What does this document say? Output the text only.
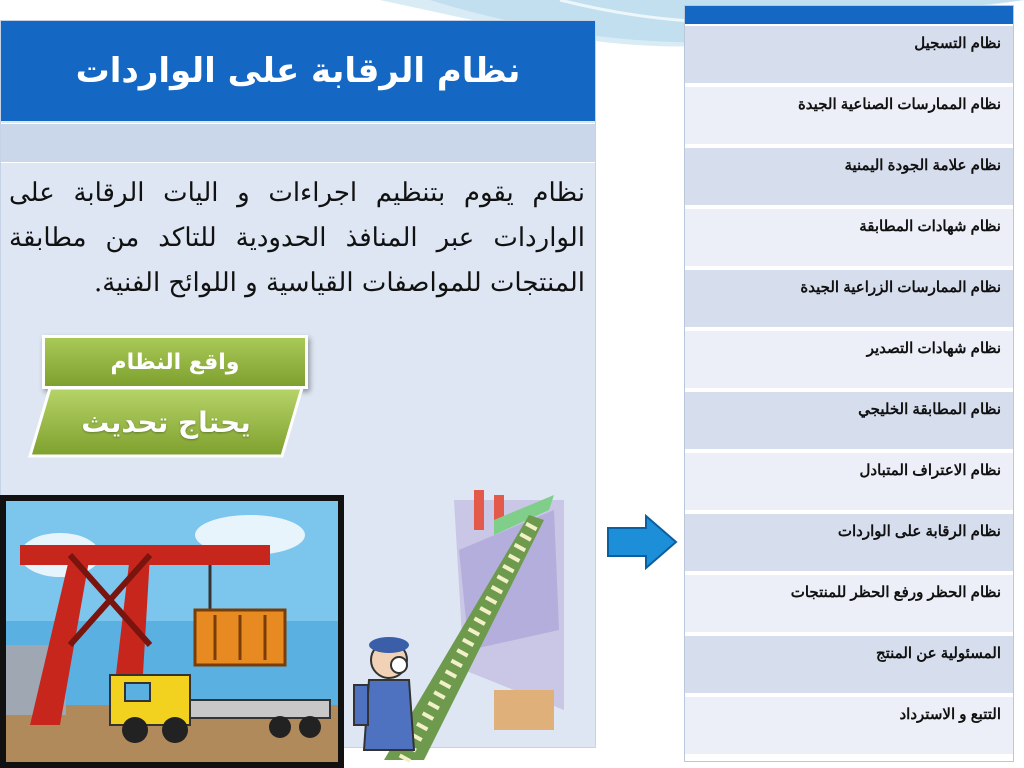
نظام الرقابة على الواردات
نظام يقوم بتنظيم اجراءات و اليات الرقابة على الواردات عبر المنافذ الحدودية للتاكد من مطابقة المنتجات للمواصفات القياسية و اللوائح الفنية.
واقع النظام
يحتاج تحديث
نظام التسجيل
نظام الممارسات الصناعية الجيدة
نظام علامة الجودة اليمنية
نظام شهادات المطابقة
نظام الممارسات الزراعية الجيدة
نظام شهادات التصدير
نظام المطابقة الخليجي
نظام الاعتراف المتبادل
نظام الرقابة على الواردات
نظام الحظر ورفع الحظر للمنتجات
المسئولية عن المنتج
التتبع و الاسترداد
